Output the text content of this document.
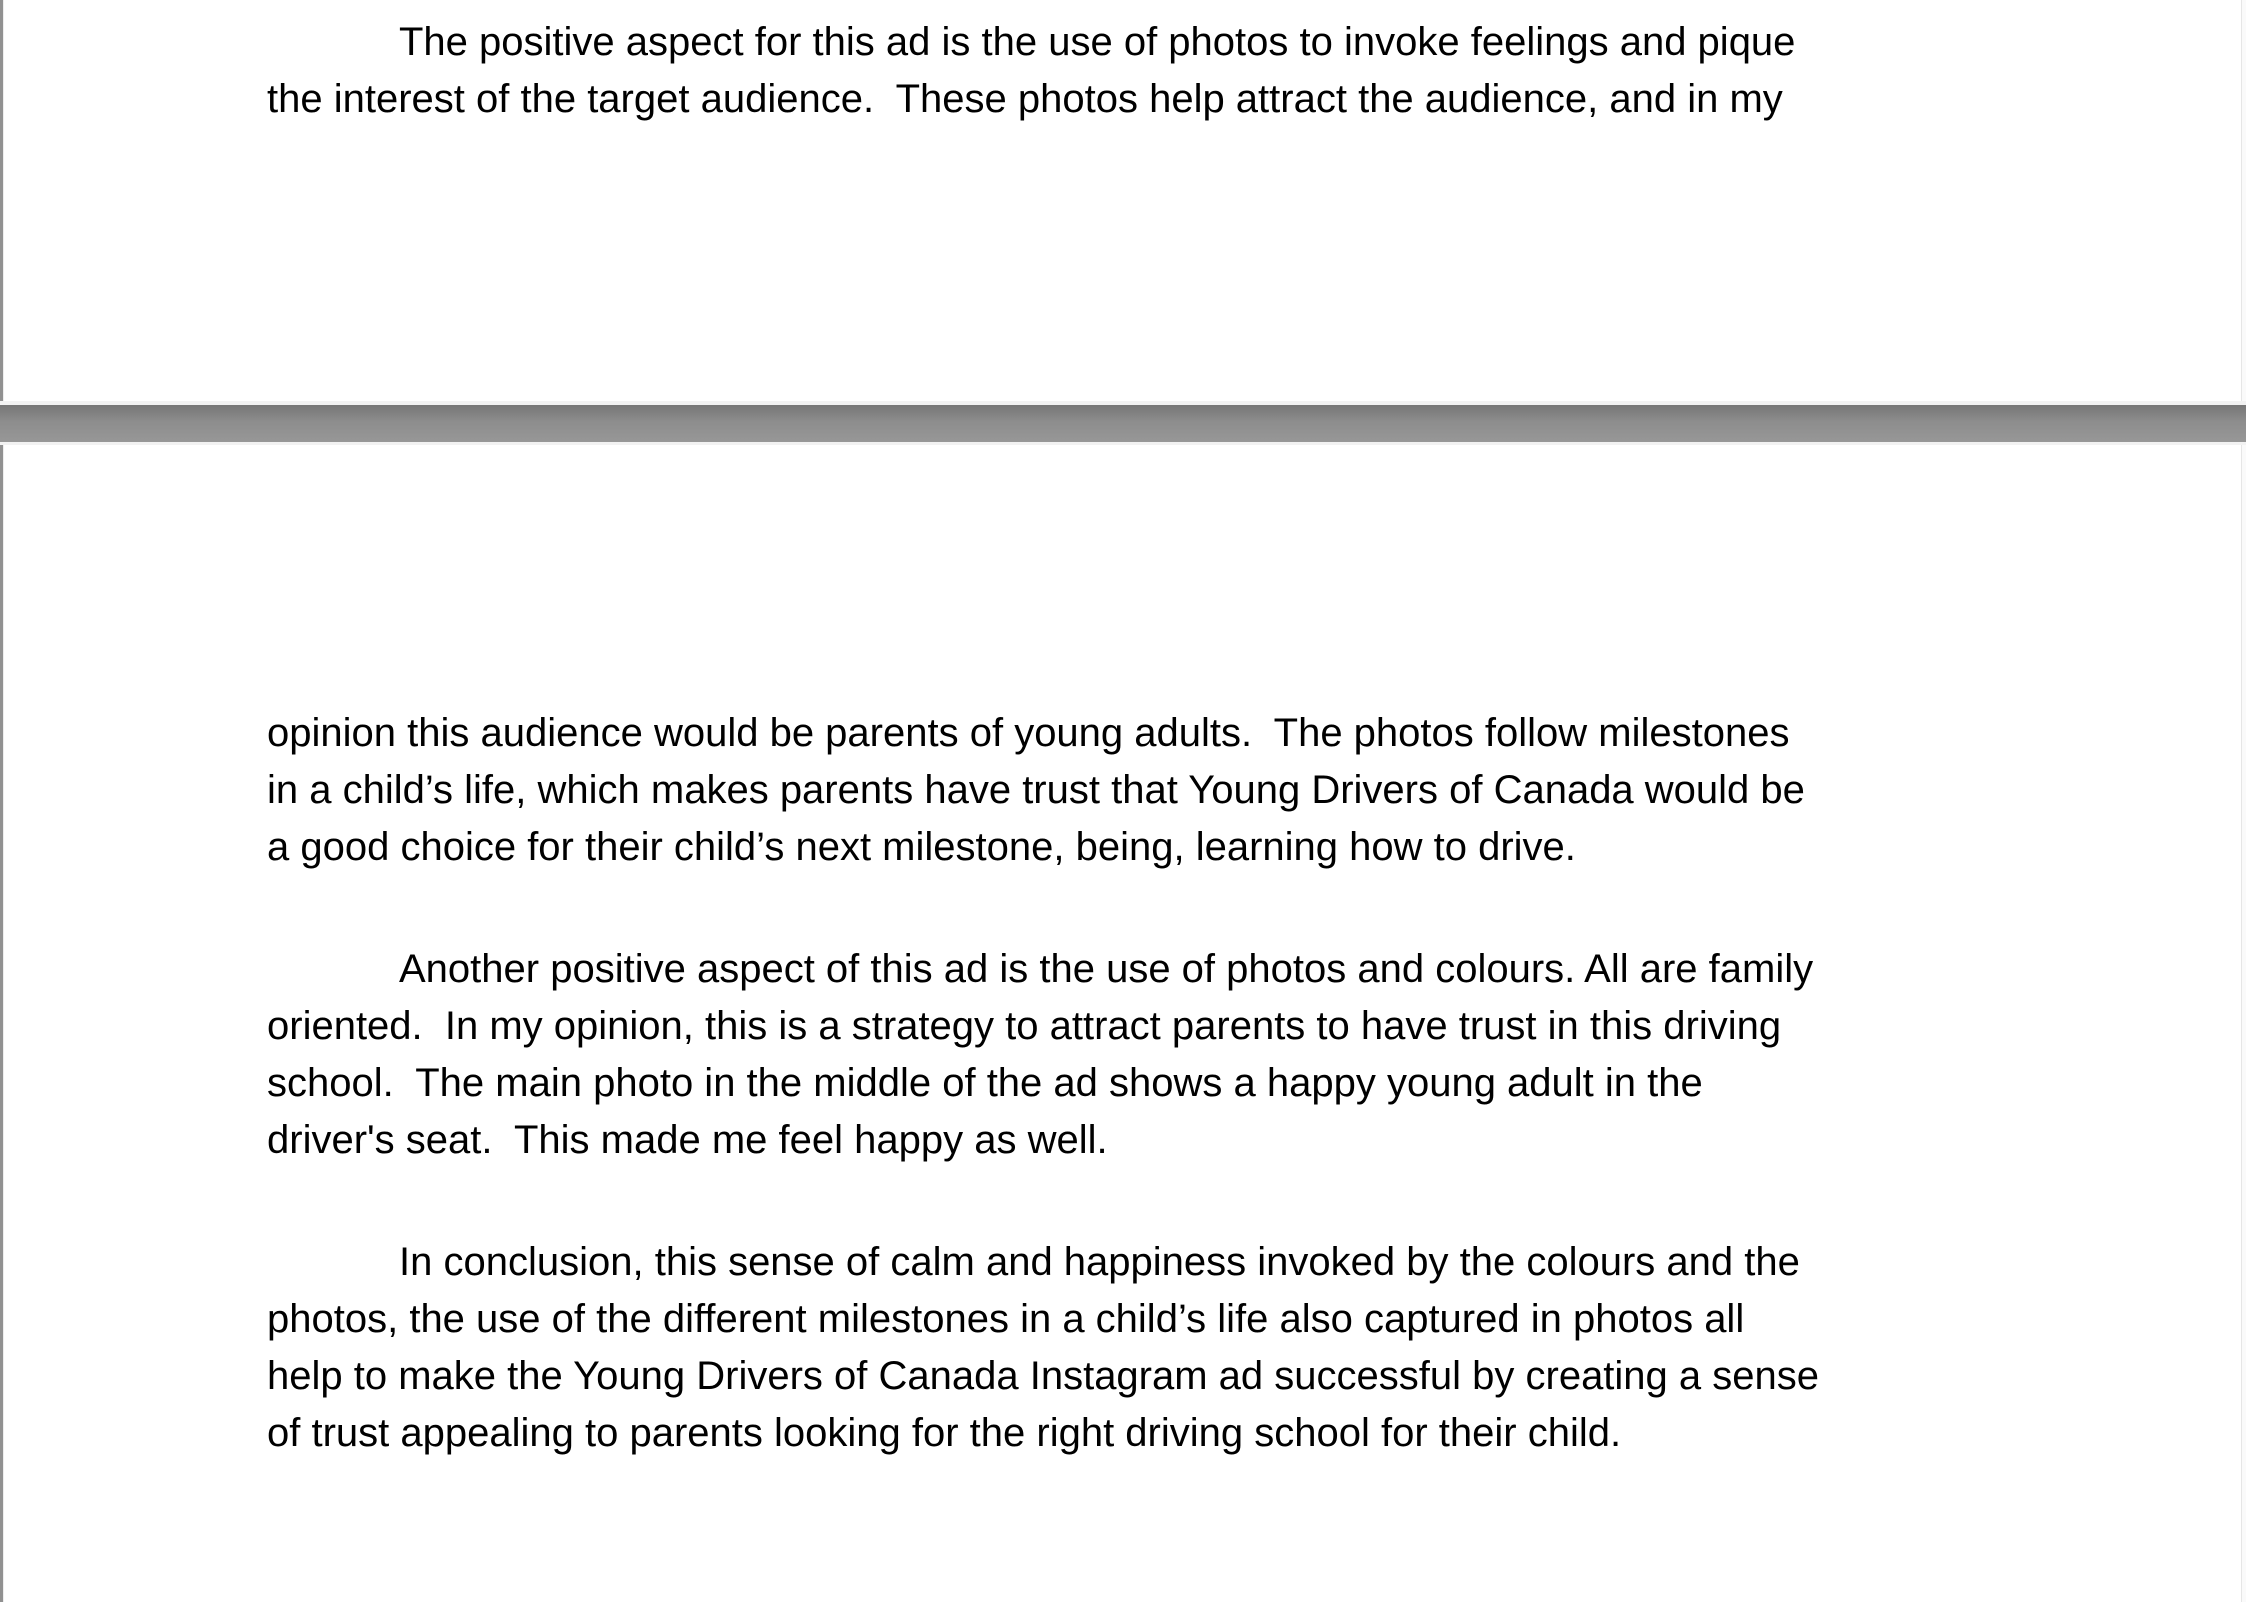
The positive aspect for this ad is the use of photos to invoke feelings and pique
the interest of the target audience.  These photos help attract the audience, and in my
opinion this audience would be parents of young adults.  The photos follow milestones
in a child’s life, which makes parents have trust that Young Drivers of Canada would be
a good choice for their child’s next milestone, being, learning how to drive.
Another positive aspect of this ad is the use of photos and colours. All are family
oriented.  In my opinion, this is a strategy to attract parents to have trust in this driving
school.  The main photo in the middle of the ad shows a happy young adult in the
driver's seat.  This made me feel happy as well.
In conclusion, this sense of calm and happiness invoked by the colours and the
photos, the use of the different milestones in a child’s life also captured in photos all
help to make the Young Drivers of Canada Instagram ad successful by creating a sense
of trust appealing to parents looking for the right driving school for their child.
